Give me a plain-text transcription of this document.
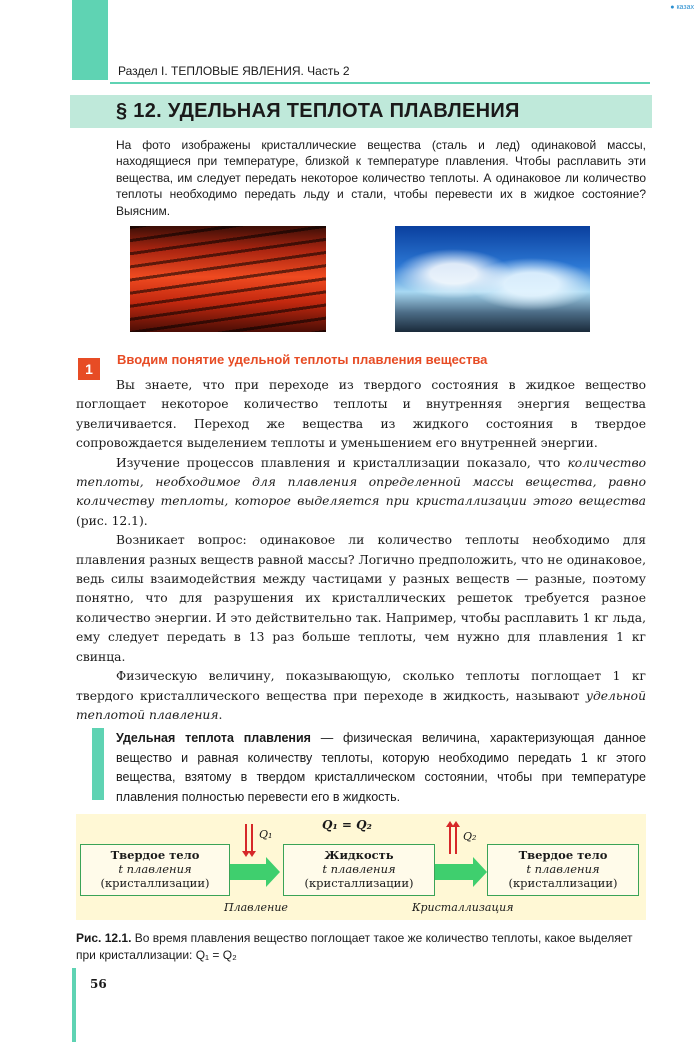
● кaзах
Раздел I. ТЕПЛОВЫЕ ЯВЛЕНИЯ. Часть 2
§ 12. УДЕЛЬНАЯ ТЕПЛОТА ПЛАВЛЕНИЯ
На фото изображены кристаллические вещества (сталь и лед) одинаковой массы, находящиеся при температуре, близкой к температуре плавления. Чтобы расплавить эти вещества, им следует передать некоторое количество теплоты. А одинаковое ли количество теплоты необходимо передать льду и стали, чтобы перевести их в жидкое состояние? Выясним.
1
Вводим понятие удельной теплоты плавления вещества

Вы знаете, что при переходе из твердого состояния в жидкое вещество поглощает некоторое количество теплоты и внутренняя энергия вещества увеличивается. Переход же вещества из жидкого состояния в твердое сопровождается выделением теплоты и уменьшением его внутренней энергии.

Изучение процессов плавления и кристаллизации показало, что количество теплоты, необходимое для плавления определенной массы вещества, равно количеству теплоты, которое выделяется при кристаллизации этого вещества (рис. 12.1).

Возникает вопрос: одинаковое ли количество теплоты необходимо для плавления разных веществ равной массы? Логично предположить, что не одинаковое, ведь силы взаимодействия между частицами у разных веществ — разные, поэтому понятно, что для разрушения их кристаллических решеток требуется разное количество энергии. И это действительно так. Например, чтобы расплавить 1 кг льда, ему следует передать в 13 раз больше теплоты, чем нужно для плавления 1 кг свинца.

Физическую величину, показывающую, сколько теплоты поглощает 1 кг твердого кристаллического вещества при переходе в жидкость, называют удельной теплотой плавления.

Удельная теплота плавления — физическая величина, характеризующая данное вещество и равная количеству теплоты, которую необходимо передать 1 кг этого вещества, взятому в твердом кристаллическом состоянии, чтобы при температуре плавления полностью перевести его в жидкость.
Q₁ = Q₂
Q₁	Q₂
Твердое тело
t плавления
(кристаллизации)
Жидкость
t плавления
(кристаллизации)
Твердое тело
t плавления
(кристаллизации)
Плавление	Кристаллизация
Рис. 12.1. Во время плавления вещество поглощает такое же количество теплоты, какое выделяет при кристаллизации: Q₁ = Q₂
56
